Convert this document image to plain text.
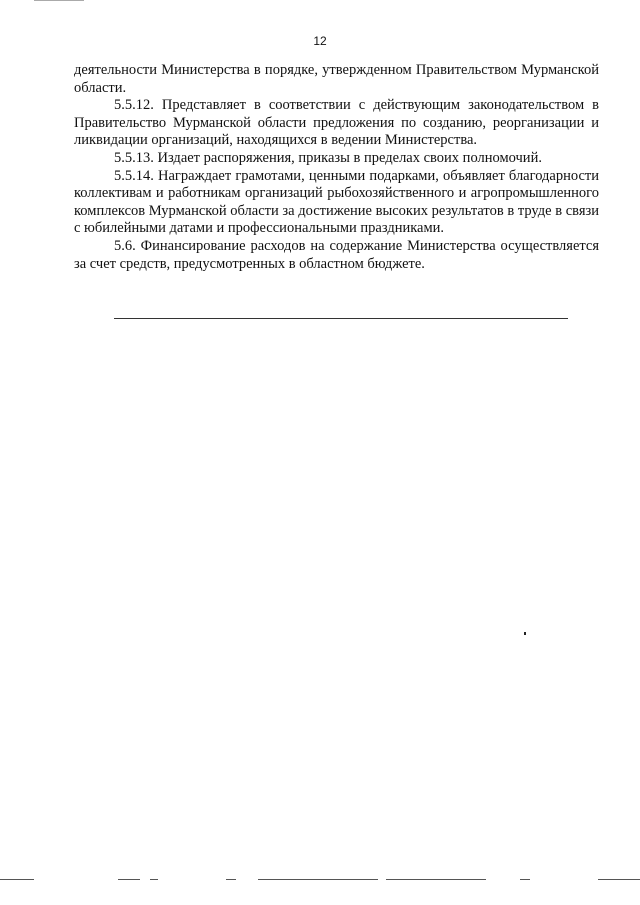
12

деятельности Министерства в порядке, утвержденном Правительством Мурманской области.

5.5.12. Представляет в соответствии с действующим законодательством в Правительство Мурманской области предложения по созданию, реорганизации и ликвидации организаций, находящихся в ведении Министерства.

5.5.13. Издает распоряжения, приказы в пределах своих полномочий.

5.5.14. Награждает грамотами, ценными подарками, объявляет благодарности коллективам и работникам организаций рыбохозяйственного и агропромышленного комплексов Мурманской области за достижение высоких результатов в труде в связи с юбилейными датами и профессиональными праздниками.

5.6. Финансирование расходов на содержание Министерства осуществляется за счет средств, предусмотренных в областном бюджете.
